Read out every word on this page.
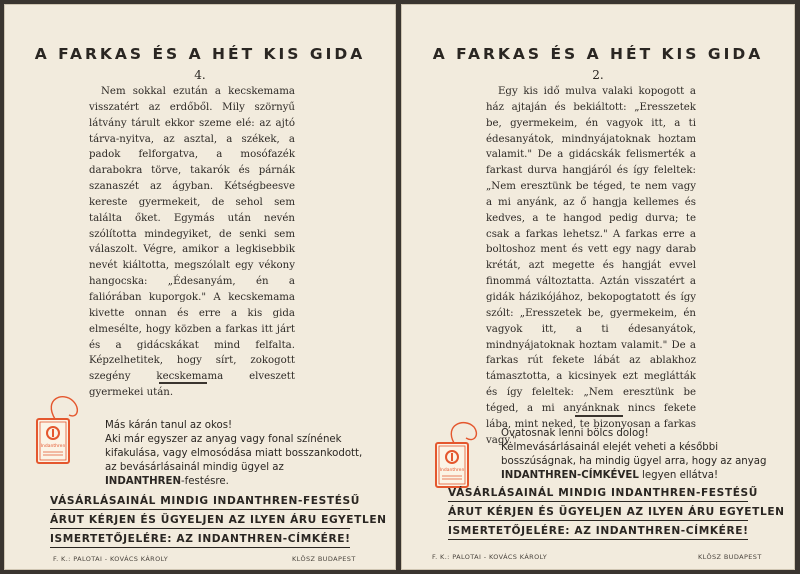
A FARKAS ÉS A HÉT KIS GIDA
4.
Nem sokkal ezután a kecskemama visszatért az erdőből. Mily szörnyű látvány tárult ekkor szeme elé: az ajtó tárva-nyitva, az asztal, a székek, a padok felforgatva, a mosófazék darabokra törve, takarók és párnák szanaszét az ágyban. Kétségbeesve kereste gyermekeit, de sehol sem találta őket. Egymás után nevén szólította mindegyiket, de senki sem válaszolt. Végre, amikor a legkisebbik nevét kiáltotta, megszólalt egy vékony hangocska: „Édesanyám, én a faliórában kuporgok." A kecskemama kivette onnan és erre a kis gida elmesélte, hogy közben a farkas itt járt és a gidácskákat mind felfalta. Képzelhetitek, hogy sírt, zokogott szegény kecskemama elveszett gyermekei után.
Indanthren
Más kárán tanul az okos!
Aki már egyszer az anyag vagy fonal színének kifakulása, vagy elmosódása miatt bosszankodott, az bevásárlásainál mindig ügyel az INDANTHREN-festésre.
VÁSÁRLÁSAINÁL MINDIG INDANTHREN-FESTÉSŰ
ÁRUT KÉRJEN ÉS ÜGYELJEN AZ ILYEN ÁRU EGYETLEN
ISMERTETŐJELÉRE: AZ INDANTHREN-CÍMKÉRE!
F. K.: PALOTAI - KOVÁCS KÁROLY	KLÖSZ BUDAPEST
A FARKAS ÉS A HÉT KIS GIDA
2.
Egy kis idő mulva valaki kopogott a ház ajtaján és bekiáltott: „Eresszetek be, gyermekeim, én vagyok itt, a ti édesanyátok, mindnyájatoknak hoztam valamit." De a gidácskák felismerték a farkast durva hangjáról és így feleltek: „Nem eresztünk be téged, te nem vagy a mi anyánk, az ő hangja kellemes és kedves, a te hangod pedig durva; te csak a farkas lehetsz." A farkas erre a boltoshoz ment és vett egy nagy darab krétát, azt megette és hangját evvel finommá változtatta. Aztán visszatért a gidák házikójához, bekopogtatott és így szólt: „Eresszetek be, gyermekeim, én vagyok itt, a ti édesanyátok, mindnyájatoknak hoztam valamit." De a farkas rút fekete lábát az ablakhoz támasztotta, a kicsinyek ezt meglátták és így feleltek: „Nem eresztünk be téged, a mi anyánknak nincs fekete lába, mint neked, te bizonyosan a farkas vagy."
Indanthren
Óvatosnak lenni bölcs dolog!
Kelmevásárlásainál elejét veheti a későbbi bosszúságnak, ha mindig ügyel arra, hogy az anyag INDANTHREN-CÍMKÉVEL legyen ellátva!
VÁSÁRLÁSAINÁL MINDIG INDANTHREN-FESTÉSŰ
ÁRUT KÉRJEN ÉS ÜGYELJEN AZ ILYEN ÁRU EGYETLEN
ISMERTETŐJELÉRE: AZ INDANTHREN-CÍMKÉRE!
F. K.: PALOTAI - KOVÁCS KÁROLY	KLÖSZ BUDAPEST
